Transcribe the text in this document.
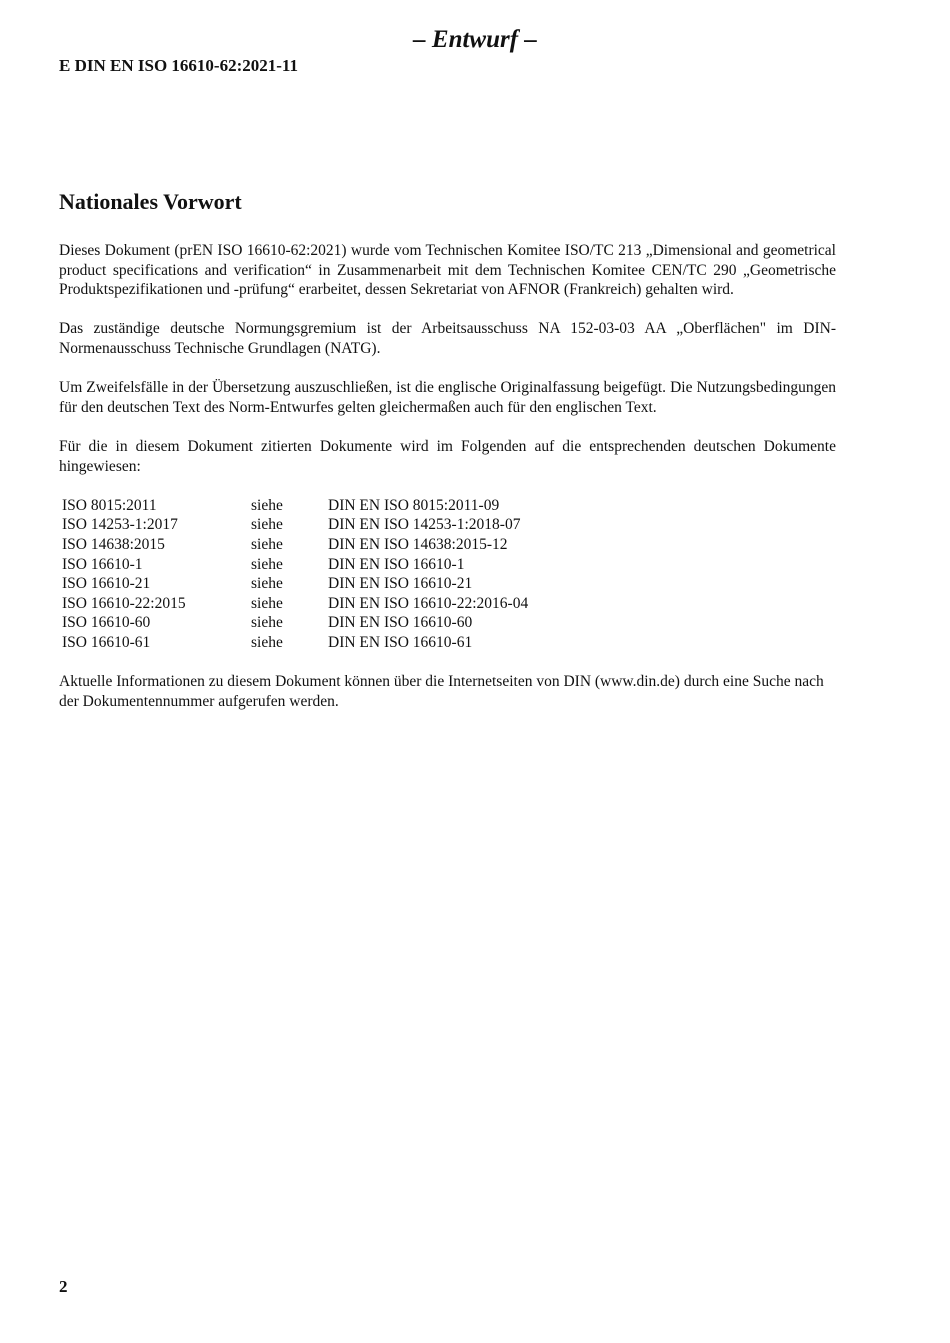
– Entwurf –
E DIN EN ISO 16610-62:2021-11
Nationales Vorwort

Dieses Dokument (prEN ISO 16610-62:2021) wurde vom Technischen Komitee ISO/TC 213 „Dimensional and geometrical product specifications and verification“ in Zusammenarbeit mit dem Technischen Komitee CEN/TC 290 „Geometrische Produktspezifikationen und -prüfung“ erarbeitet, dessen Sekretariat von AFNOR (Frankreich) gehalten wird.

Das zuständige deutsche Normungsgremium ist der Arbeitsausschuss NA 152-03-03 AA „Oberflächen" im DIN-Normenausschuss Technische Grundlagen (NATG).

Um Zweifelsfälle in der Übersetzung auszuschließen, ist die englische Originalfassung beigefügt. Die Nutzungsbedingungen für den deutschen Text des Norm-Entwurfes gelten gleichermaßen auch für den englischen Text.

Für die in diesem Dokument zitierten Dokumente wird im Folgenden auf die entsprechenden deutschen Dokumente hingewiesen:

ISO 8015:2011	siehe	DIN EN ISO 8015:2011-09
ISO 14253-1:2017	siehe	DIN EN ISO 14253-1:2018-07
ISO 14638:2015	siehe	DIN EN ISO 14638:2015-12
ISO 16610-1	siehe	DIN EN ISO 16610-1
ISO 16610-21	siehe	DIN EN ISO 16610-21
ISO 16610-22:2015	siehe	DIN EN ISO 16610-22:2016-04
ISO 16610-60	siehe	DIN EN ISO 16610-60
ISO 16610-61	siehe	DIN EN ISO 16610-61

Aktuelle Informationen zu diesem Dokument können über die Internetseiten von DIN (www.din.de) durch eine Suche nach der Dokumentennummer aufgerufen werden.

2
